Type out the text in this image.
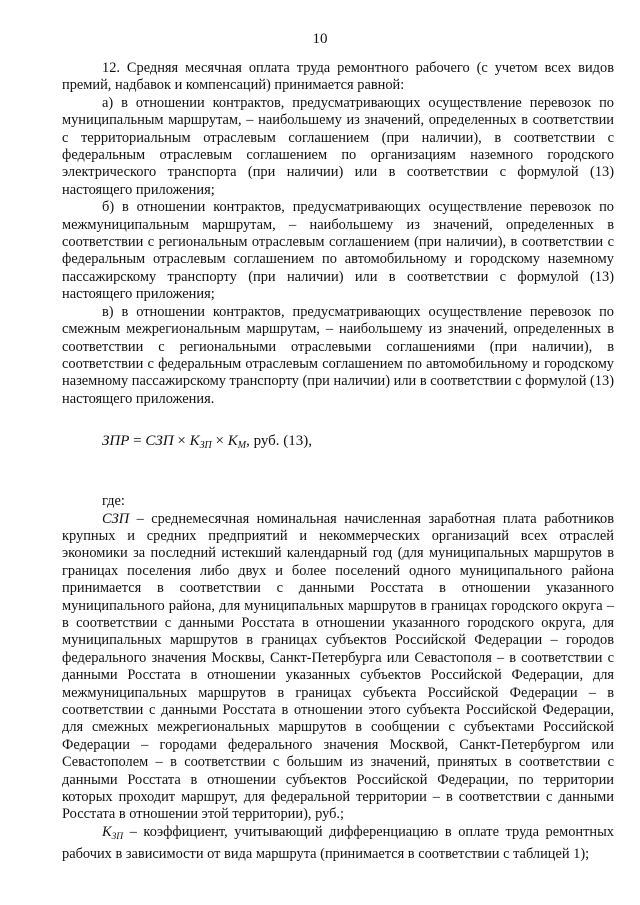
10

12. Средняя месячная оплата труда ремонтного рабочего (с учетом всех видов премий, надбавок и компенсаций) принимается равной:

а) в отношении контрактов, предусматривающих осуществление перевозок по муниципальным маршрутам, – наибольшему из значений, определенных в соответствии с территориальным отраслевым соглашением (при наличии), в соответствии с федеральным отраслевым соглашением по организациям наземного городского электрического транспорта (при наличии) или в соответствии с формулой (13) настоящего приложения;

б) в отношении контрактов, предусматривающих осуществление перевозок по межмуниципальным маршрутам, – наибольшему из значений, определенных в соответствии с региональным отраслевым соглашением (при наличии), в соответствии с федеральным отраслевым соглашением по автомобильному и городскому наземному пассажирскому транспорту (при наличии) или в соответствии с формулой (13) настоящего приложения;

в) в отношении контрактов, предусматривающих осуществление перевозок по смежным межрегиональным маршрутам, – наибольшему из значений, определенных в соответствии с региональными отраслевыми соглашениями (при наличии), в соответствии с федеральным отраслевым соглашением по автомобильному и городскому наземному пассажирскому транспорту (при наличии) или в соответствии с формулой (13) настоящего приложения.

ЗПР = СЗП × $К_{ЗП} \times К_М$, руб. (13),

где:

СЗП – среднемесячная номинальная начисленная заработная плата работников крупных и средних предприятий и некоммерческих организаций всех отраслей экономики за последний истекший календарный год (для муниципальных маршрутов в границах поселения либо двух и более поселений одного муниципального района принимается в соответствии с данными Росстата в отношении указанного муниципального района, для муниципальных маршрутов в границах городского округа – в соответствии с данными Росстата в отношении указанного городского округа, для муниципальных маршрутов в границах субъектов Российской Федерации – городов федерального значения Москвы, Санкт-Петербурга или Севастополя – в соответствии с данными Росстата в отношении указанных субъектов Российской Федерации, для межмуниципальных маршрутов в границах субъекта Российской Федерации – в соответствии с данными Росстата в отношении этого субъекта Российской Федерации, для смежных межрегиональных маршрутов в сообщении с субъектами Российской Федерации – городами федерального значения Москвой, Санкт-Петербургом или Севастополем – в соответствии с большим из значений, принятых в соответствии с данными Росстата в отношении субъектов Российской Федерации, по территории которых проходит маршрут, для федеральной территории – в соответствии с данными Росстата в отношении этой территории), руб.;

$К_{ЗП}$ – коэффициент, учитывающий дифференциацию в оплате труда ремонтных рабочих в зависимости от вида маршрута (принимается в соответствии с таблицей 1);
